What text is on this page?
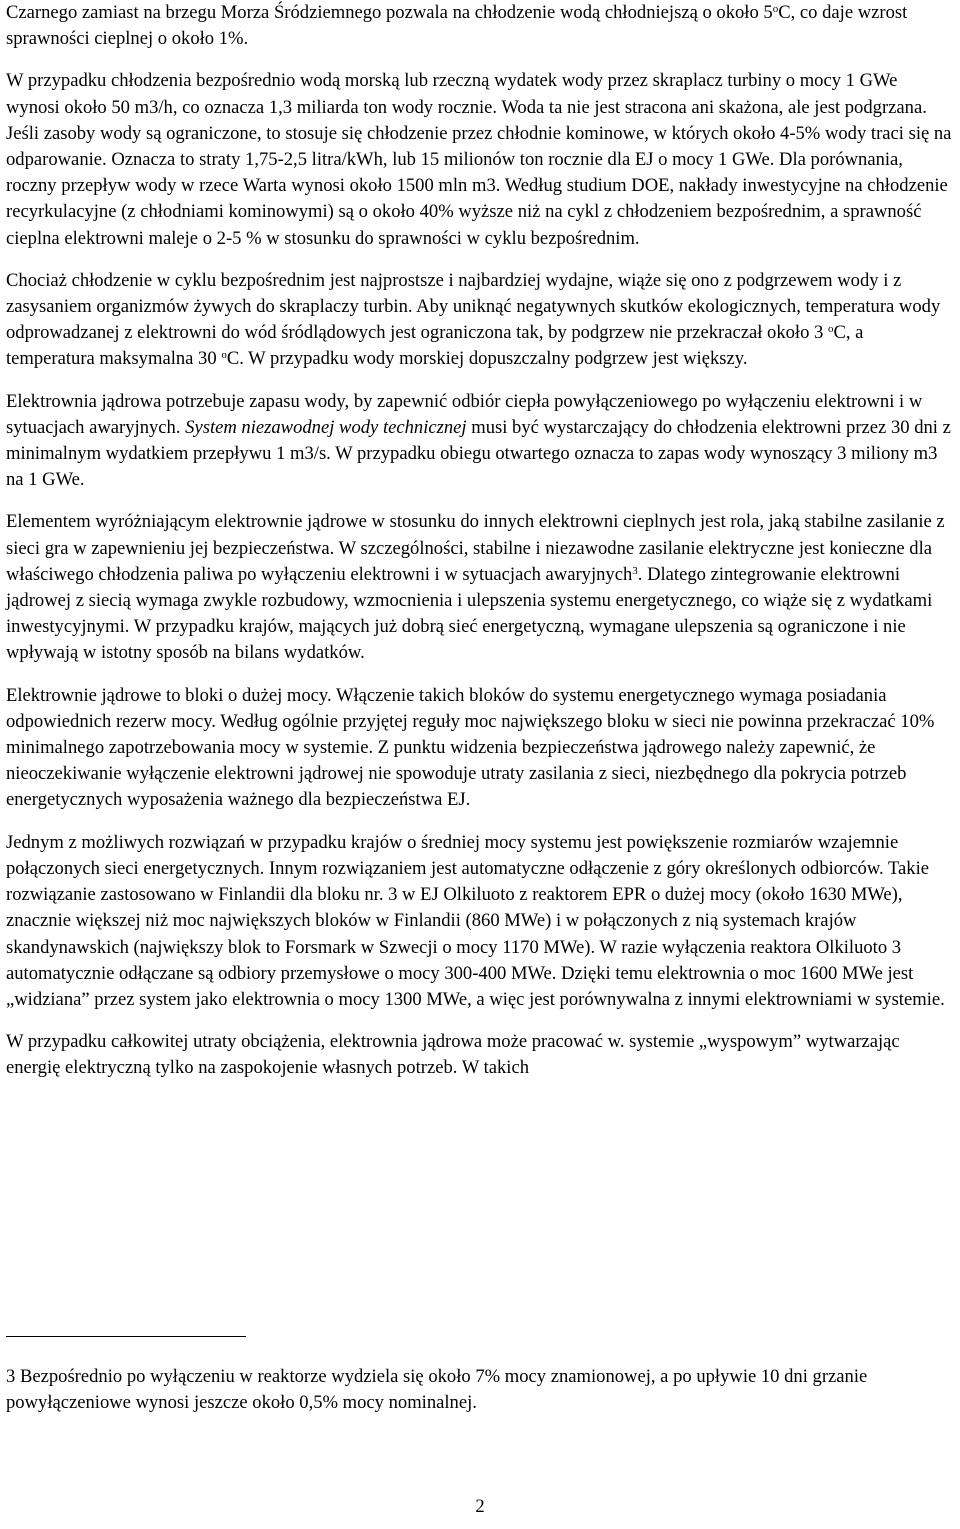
Czarnego zamiast na brzegu Morza Śródziemnego pozwala na chłodzenie wodą chłodniejszą o około 5$^o$C, co daje wzrost sprawności cieplnej o około 1%.

W przypadku chłodzenia bezpośrednio wodą morską lub rzeczną wydatek wody przez skraplacz turbiny o mocy 1 GWe wynosi około 50 m3/h, co oznacza 1,3 miliarda ton wody rocznie. Woda ta nie jest stracona ani skażona, ale jest podgrzana. Jeśli zasoby wody są ograniczone, to stosuje się chłodzenie przez chłodnie kominowe, w których około 4-5% wody traci się na odparowanie. Oznacza to straty 1,75-2,5 litra/kWh, lub 15 milionów ton rocznie dla EJ o mocy 1 GWe. Dla porównania, roczny przepływ wody w rzece Warta wynosi około 1500 mln m3. Według studium DOE, nakłady inwestycyjne na chłodzenie recyrkulacyjne (z chłodniami kominowymi) są o około 40% wyższe niż na cykl z chłodzeniem bezpośrednim, a sprawność cieplna elektrowni maleje o 2-5 % w stosunku do sprawności w cyklu bezpośrednim.

Chociaż chłodzenie w cyklu bezpośrednim jest najprostsze i najbardziej wydajne, wiąże się ono z podgrzewem wody i z zasysaniem organizmów żywych do skraplaczy turbin. Aby uniknąć negatywnych skutków ekologicznych, temperatura wody odprowadzanej z elektrowni do wód śródlądowych jest ograniczona tak, by podgrzew nie przekraczał około 3 $^o$C, a temperatura maksymalna 30 $^o$C. W przypadku wody morskiej dopuszczalny podgrzew jest większy.

Elektrownia jądrowa potrzebuje zapasu wody, by zapewnić odbiór ciepła powyłączeniowego po wyłączeniu elektrowni i w sytuacjach awaryjnych. System niezawodnej wody technicznej musi być wystarczający do chłodzenia elektrowni przez 30 dni z minimalnym wydatkiem przepływu 1 m3/s. W przypadku obiegu otwartego oznacza to zapas wody wynoszący 3 miliony m3 na 1 GWe.

Elementem wyróżniającym elektrownie jądrowe w stosunku do innych elektrowni cieplnych jest rola, jaką stabilne zasilanie z sieci gra w zapewnieniu jej bezpieczeństwa. W szczególności, stabilne i niezawodne zasilanie elektryczne jest konieczne dla właściwego chłodzenia paliwa po wyłączeniu elektrowni i w sytuacjach awaryjnych$^3$. Dlatego zintegrowanie elektrowni jądrowej z siecią wymaga zwykle rozbudowy, wzmocnienia i ulepszenia systemu energetycznego, co wiąże się z wydatkami inwestycyjnymi. W przypadku krajów, mających już dobrą sieć energetyczną, wymagane ulepszenia są ograniczone i nie wpływają w istotny sposób na bilans wydatków.

Elektrownie jądrowe to bloki o dużej mocy. Włączenie takich bloków do systemu energetycznego wymaga posiadania odpowiednich rezerw mocy. Według ogólnie przyjętej reguły moc największego bloku w sieci nie powinna przekraczać 10% minimalnego zapotrzebowania mocy w systemie. Z punktu widzenia bezpieczeństwa jądrowego należy zapewnić, że nieoczekiwanie wyłączenie elektrowni jądrowej nie spowoduje utraty zasilania z sieci, niezbędnego dla pokrycia potrzeb energetycznych wyposażenia ważnego dla bezpieczeństwa EJ.

Jednym z możliwych rozwiązań w przypadku krajów o średniej mocy systemu jest powiększenie rozmiarów wzajemnie połączonych sieci energetycznych. Innym rozwiązaniem jest automatyczne odłączenie z góry określonych odbiorców. Takie rozwiązanie zastosowano w Finlandii dla bloku nr. 3 w EJ Olkiluoto z reaktorem EPR o dużej mocy (około 1630 MWe), znacznie większej niż moc największych bloków w Finlandii (860 MWe) i w połączonych z nią systemach krajów skandynawskich (największy blok to Forsmark w Szwecji o mocy 1170 MWe). W razie wyłączenia reaktora Olkiluoto 3 automatycznie odłączane są odbiory przemysłowe o mocy 300-400 MWe. Dzięki temu elektrownia o moc 1600 MWe jest „widziana” przez system jako elektrownia o mocy 1300 MWe, a więc jest porównywalna z innymi elektrowniami w systemie.

W przypadku całkowitej utraty obciążenia, elektrownia jądrowa może pracować w. systemie „wyspowym” wytwarzając energię elektryczną tylko na zaspokojenie własnych potrzeb. W takich

3 Bezpośrednio po wyłączeniu w reaktorze wydziela się około 7% mocy znamionowej, a po upływie 10 dni grzanie powyłączeniowe wynosi jeszcze około 0,5% mocy nominalnej.

2
